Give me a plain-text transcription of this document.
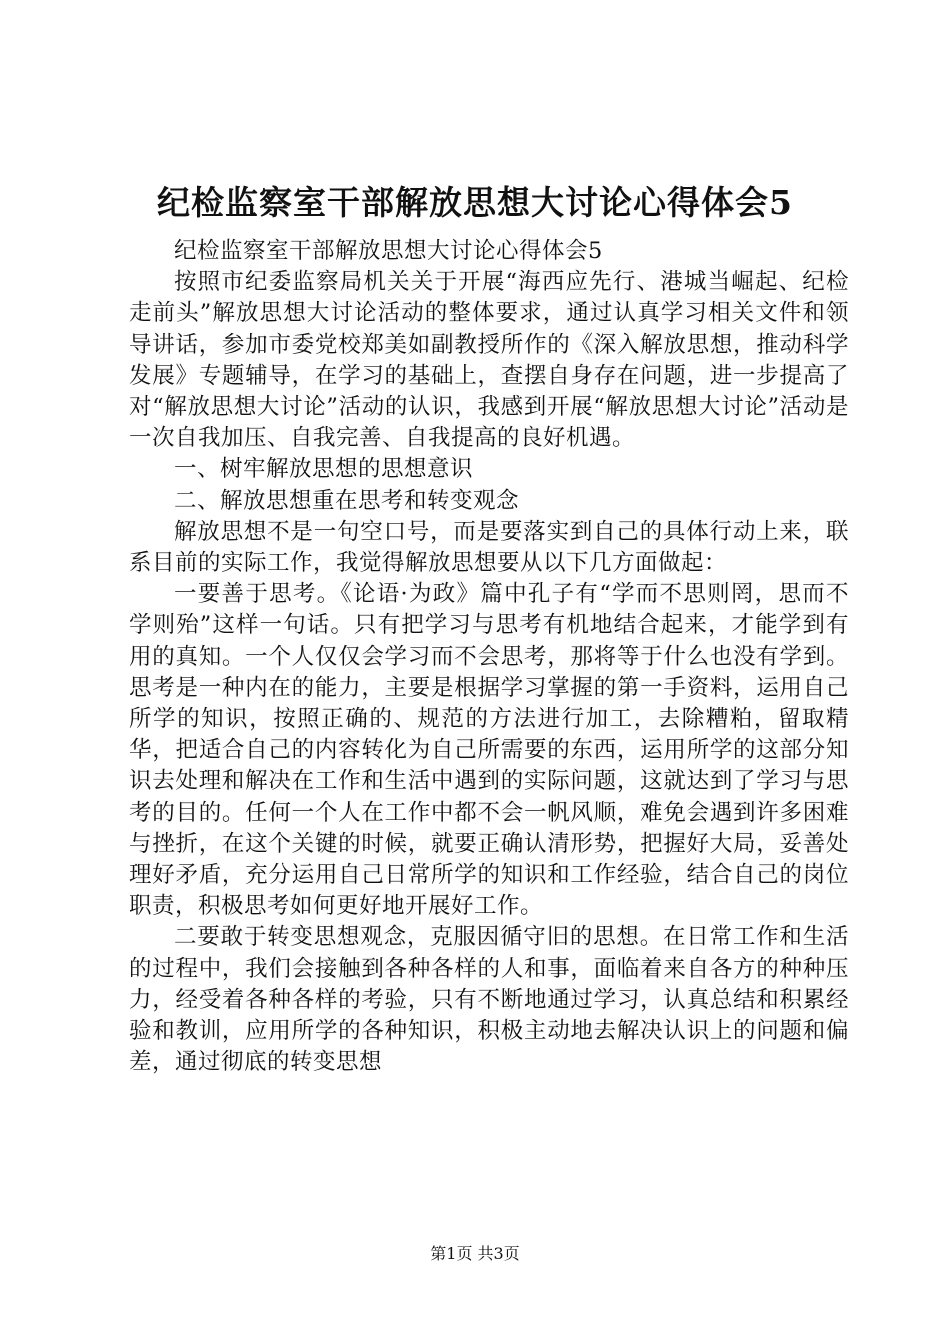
纪检监察室干部解放思想大讨论心得体会5

纪检监察室干部解放思想大讨论心得体会5

按照市纪委监察局机关关于开展“海西应先行、港城当崛起、纪检走前头”解放思想大讨论活动的整体要求，通过认真学习相关文件和领导讲话，参加市委党校郑美如副教授所作的《深入解放思想，推动科学发展》专题辅导，在学习的基础上，查摆自身存在问题，进一步提高了对“解放思想大讨论”活动的认识，我感到开展“解放思想大讨论”活动是一次自我加压、自我完善、自我提高的良好机遇。

一、树牢解放思想的思想意识

二、解放思想重在思考和转变观念

解放思想不是一句空口号，而是要落实到自己的具体行动上来，联系目前的实际工作，我觉得解放思想要从以下几方面做起：

一要善于思考。《论语·为政》篇中孔子有“学而不思则罔，思而不学则殆”这样一句话。只有把学习与思考有机地结合起来，才能学到有用的真知。一个人仅仅会学习而不会思考，那将等于什么也没有学到。思考是一种内在的能力，主要是根据学习掌握的第一手资料，运用自己所学的知识，按照正确的、规范的方法进行加工，去除糟粕，留取精华，把适合自己的内容转化为自己所需要的东西，运用所学的这部分知识去处理和解决在工作和生活中遇到的实际问题，这就达到了学习与思考的目的。任何一个人在工作中都不会一帆风顺，难免会遇到许多困难与挫折，在这个关键的时候，就要正确认清形势，把握好大局，妥善处理好矛盾，充分运用自己日常所学的知识和工作经验，结合自己的岗位职责，积极思考如何更好地开展好工作。

二要敢于转变思想观念，克服因循守旧的思想。在日常工作和生活的过程中，我们会接触到各种各样的人和事，面临着来自各方的种种压力，经受着各种各样的考验，只有不断地通过学习，认真总结和积累经验和教训，应用所学的各种知识，积极主动地去解决认识上的问题和偏差，通过彻底的转变思想

第1页 共3页
